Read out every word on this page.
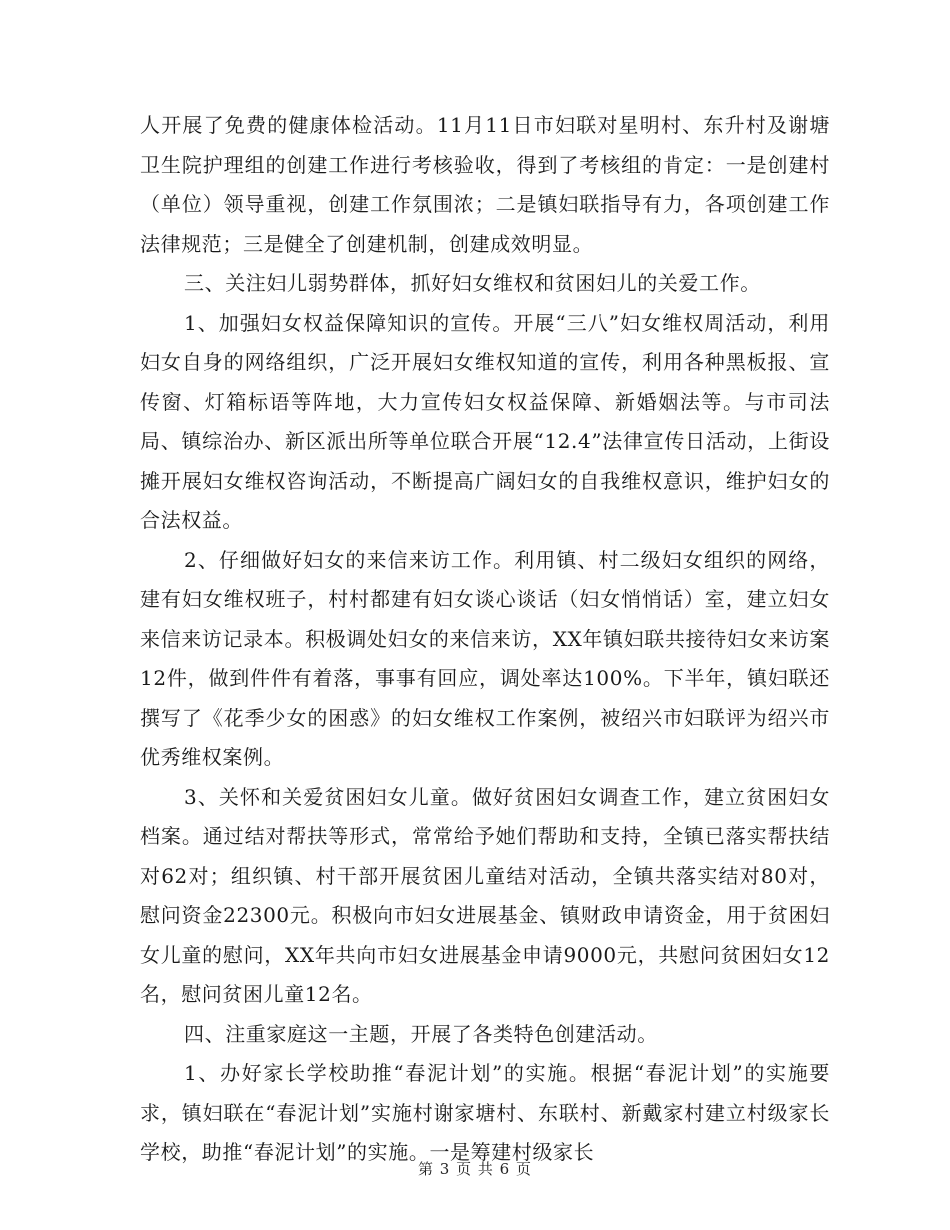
人开展了免费的健康体检活动。11月11日市妇联对星明村、东升村及谢塘卫生院护理组的创建工作进行考核验收，得到了考核组的肯定：一是创建村（单位）领导重视，创建工作氛围浓；二是镇妇联指导有力，各项创建工作法律规范；三是健全了创建机制，创建成效明显。

三、关注妇儿弱势群体，抓好妇女维权和贫困妇儿的关爱工作。

1、加强妇女权益保障知识的宣传。开展“三八”妇女维权周活动，利用妇女自身的网络组织，广泛开展妇女维权知道的宣传，利用各种黑板报、宣传窗、灯箱标语等阵地，大力宣传妇女权益保障、新婚姻法等。与市司法局、镇综治办、新区派出所等单位联合开展“12.4”法律宣传日活动，上街设摊开展妇女维权咨询活动，不断提高广阔妇女的自我维权意识，维护妇女的合法权益。

2、仔细做好妇女的来信来访工作。利用镇、村二级妇女组织的网络，建有妇女维权班子，村村都建有妇女谈心谈话（妇女悄悄话）室，建立妇女来信来访记录本。积极调处妇女的来信来访，XX年镇妇联共接待妇女来访案12件，做到件件有着落，事事有回应，调处率达100%。下半年，镇妇联还撰写了《花季少女的困惑》的妇女维权工作案例，被绍兴市妇联评为绍兴市优秀维权案例。

3、关怀和关爱贫困妇女儿童。做好贫困妇女调查工作，建立贫困妇女档案。通过结对帮扶等形式，常常给予她们帮助和支持，全镇已落实帮扶结对62对；组织镇、村干部开展贫困儿童结对活动，全镇共落实结对80对，慰问资金22300元。积极向市妇女进展基金、镇财政申请资金，用于贫困妇女儿童的慰问，XX年共向市妇女进展基金申请9000元，共慰问贫困妇女12名，慰问贫困儿童12名。

四、注重家庭这一主题，开展了各类特色创建活动。

1、办好家长学校助推“春泥计划”的实施。根据“春泥计划”的实施要求，镇妇联在“春泥计划”实施村谢家塘村、东联村、新戴家村建立村级家长学校，助推“春泥计划”的实施。一是筹建村级家长

第 3 页 共 6 页
